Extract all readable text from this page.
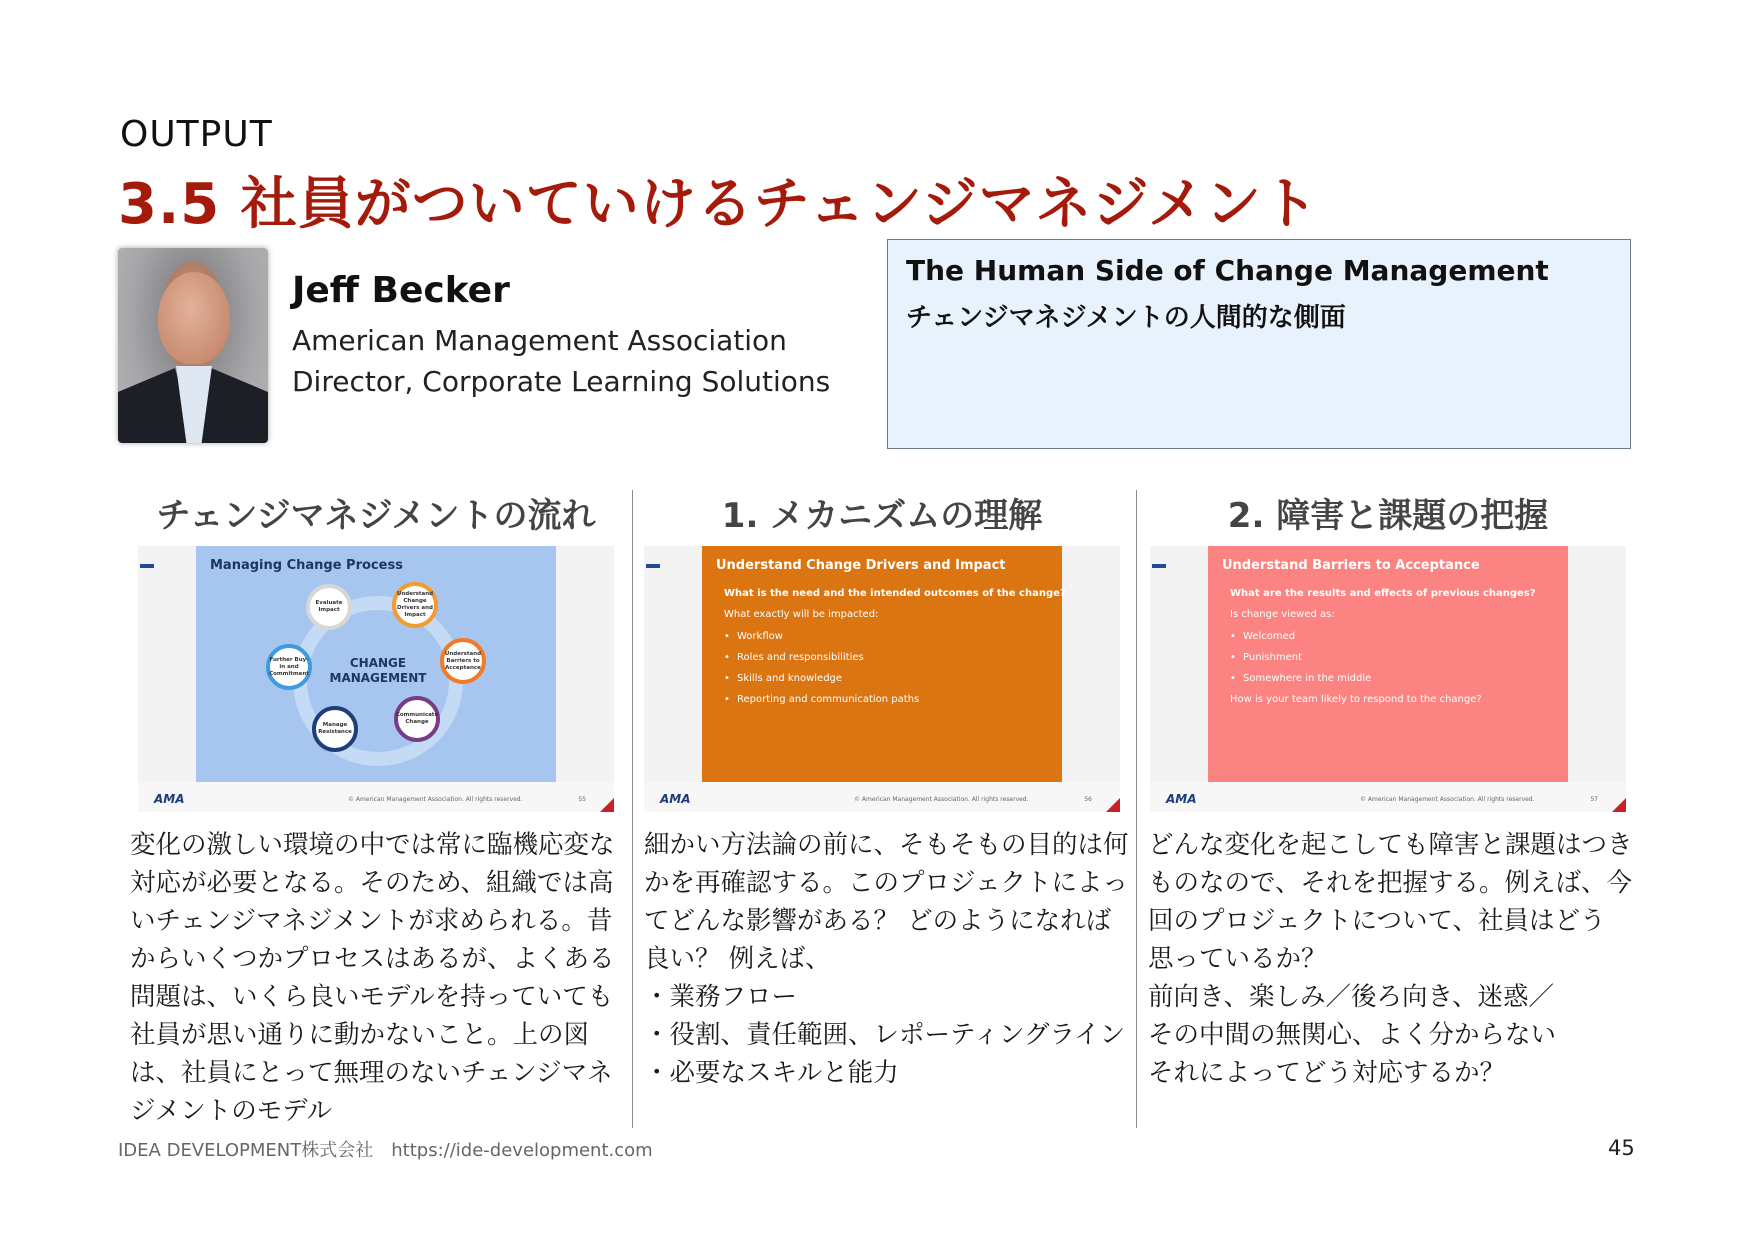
OUTPUT
3.5 社員がついていけるチェンジマネジメント
Jeff Becker
American Management Association
Director, Corporate Learning Solutions
The Human Side of Change Management
チェンジマネジメントの人間的な側面
チェンジマネジメントの流れ
Managing Change Process
CHANGE
MANAGEMENT
Understand Change Drivers and Impact
Understand Barriers to Acceptance
Communicate Change
Manage Resistance
Further Buy-in and Commitment
Evaluate Impact
AMA	© American Management Association. All rights reserved.	55
変化の激しい環境の中では常に臨機応変な
対応が必要となる。そのため、組織では高
いチェンジマネジメントが求められる。昔
からいくつかプロセスはあるが、よくある
問題は、いくら良いモデルを持っていても
社員が思い通りに動かないこと。上の図
は、社員にとって無理のないチェンジマネ
ジメントのモデル
1. メカニズムの理解
Understand Change Drivers and Impact
What is the need and the intended outcomes of the change?
What exactly will be impacted:
• Workflow
• Roles and responsibilities
• Skills and knowledge
• Reporting and communication paths
AMA	© American Management Association. All rights reserved.	56
細かい方法論の前に、そもそもの目的は何
かを再確認する。このプロジェクトによっ
てどんな影響がある？ どのようになれば
良い？ 例えば、
・業務フロー
・役割、責任範囲、レポーティングライン
・必要なスキルと能力
2. 障害と課題の把握
Understand Barriers to Acceptance
What are the results and effects of previous changes?
Is change viewed as:
• Welcomed
• Punishment
• Somewhere in the middle
How is your team likely to respond to the change?
AMA	© American Management Association. All rights reserved.	57
どんな変化を起こしても障害と課題はつき
ものなので、それを把握する。例えば、今
回のプロジェクトについて、社員はどう
思っているか？
前向き、楽しみ／後ろ向き、迷惑／
その中間の無関心、よく分からない
それによってどう対応するか？
IDEA DEVELOPMENT株式会社　https://ide-development.com	45
